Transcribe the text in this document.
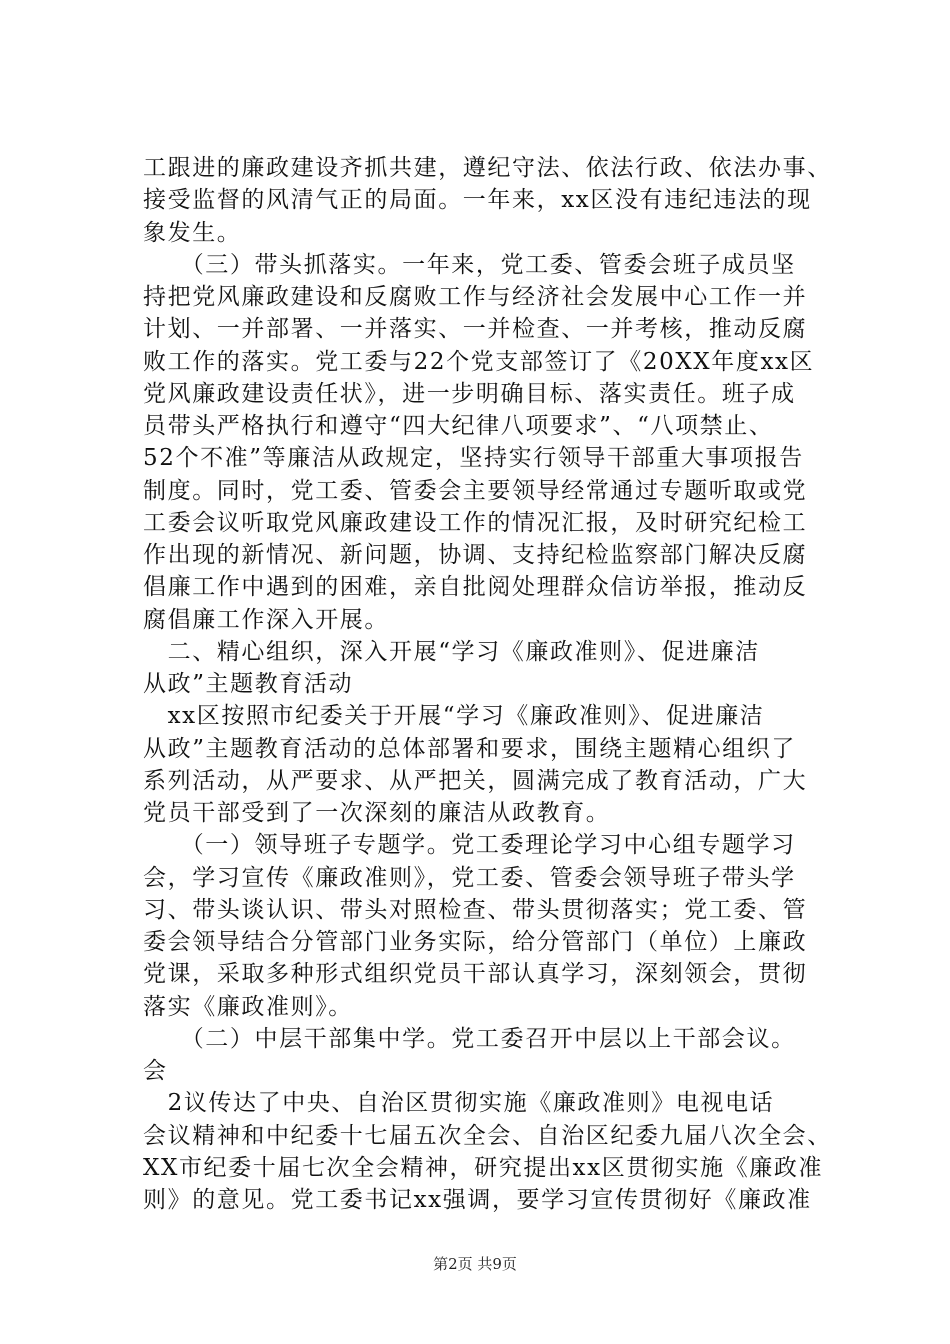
工跟进的廉政建设齐抓共建，遵纪守法、依法行政、依法办事、
接受监督的风清气正的局面。一年来，xx区没有违纪违法的现
象发生。
　　（三）带头抓落实。一年来，党工委、管委会班子成员坚
持把党风廉政建设和反腐败工作与经济社会发展中心工作一并
计划、一并部署、一并落实、一并检查、一并考核，推动反腐
败工作的落实。党工委与22个党支部签订了《20XX年度xx区
党风廉政建设责任状》，进一步明确目标、落实责任。班子成
员带头严格执行和遵守“四大纪律八项要求”、“八项禁止、
52个不准”等廉洁从政规定，坚持实行领导干部重大事项报告
制度。同时，党工委、管委会主要领导经常通过专题听取或党
工委会议听取党风廉政建设工作的情况汇报，及时研究纪检工
作出现的新情况、新问题，协调、支持纪检监察部门解决反腐
倡廉工作中遇到的困难，亲自批阅处理群众信访举报，推动反
腐倡廉工作深入开展。
　二、精心组织，深入开展“学习《廉政准则》、促进廉洁
从政”主题教育活动
　xx区按照市纪委关于开展“学习《廉政准则》、促进廉洁
从政”主题教育活动的总体部署和要求，围绕主题精心组织了
系列活动，从严要求、从严把关，圆满完成了教育活动，广大
党员干部受到了一次深刻的廉洁从政教育。
　　（一）领导班子专题学。党工委理论学习中心组专题学习
会，学习宣传《廉政准则》，党工委、管委会领导班子带头学
习、带头谈认识、带头对照检查、带头贯彻落实；党工委、管
委会领导结合分管部门业务实际，给分管部门（单位）上廉政
党课，采取多种形式组织党员干部认真学习，深刻领会，贯彻
落实《廉政准则》。
　　（二）中层干部集中学。党工委召开中层以上干部会议。
会
　2议传达了中央、自治区贯彻实施《廉政准则》电视电话
会议精神和中纪委十七届五次全会、自治区纪委九届八次全会、
XX市纪委十届七次全会精神，研究提出xx区贯彻实施《廉政准
则》的意见。党工委书记xx强调，要学习宣传贯彻好《廉政准
第2页 共9页
